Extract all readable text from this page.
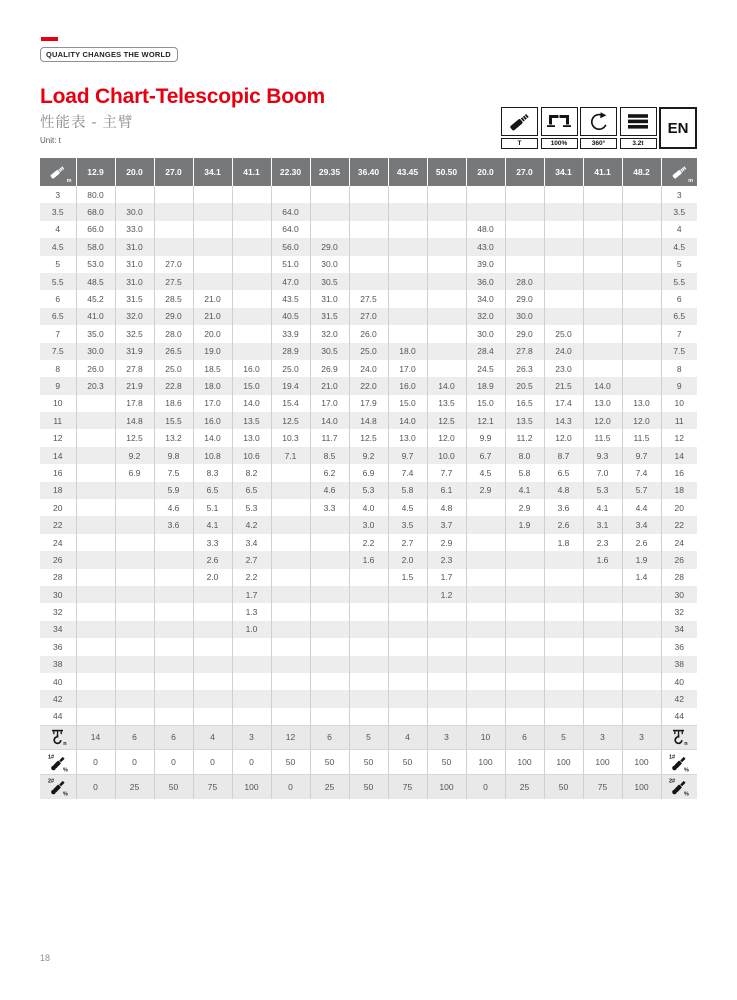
QUALITY CHANGES THE WORLD
Load Chart-Telescopic Boom
性能表 - 主臂
Unit: t	T	100%	360°	3.2t
EN
m	12.9	20.0	27.0	34.1	41.1	22.30	29.35	36.40	43.45	50.50	20.0	27.0	34.1	41.1	48.2	m

3	80.0															3
3.5	68.0	30.0				64.0										3.5
4	66.0	33.0				64.0					48.0					4
4.5	58.0	31.0				56.0	29.0				43.0					4.5
5	53.0	31.0	27.0			51.0	30.0				39.0					5
5.5	48.5	31.0	27.5			47.0	30.5				36.0	28.0				5.5
6	45.2	31.5	28.5	21.0		43.5	31.0	27.5			34.0	29.0				6
6.5	41.0	32.0	29.0	21.0		40.5	31.5	27.0			32.0	30.0				6.5
7	35.0	32.5	28.0	20.0		33.9	32.0	26.0			30.0	29.0	25.0			7
7.5	30.0	31.9	26.5	19.0		28.9	30.5	25.0	18.0		28.4	27.8	24.0			7.5
8	26.0	27.8	25.0	18.5	16.0	25.0	26.9	24.0	17.0		24.5	26.3	23.0			8
9	20.3	21.9	22.8	18.0	15.0	19.4	21.0	22.0	16.0	14.0	18.9	20.5	21.5	14.0		9
10		17.8	18.6	17.0	14.0	15.4	17.0	17.9	15.0	13.5	15.0	16.5	17.4	13.0	13.0	10
11		14.8	15.5	16.0	13.5	12.5	14.0	14.8	14.0	12.5	12.1	13.5	14.3	12.0	12.0	11
12		12.5	13.2	14.0	13.0	10.3	11.7	12.5	13.0	12.0	9.9	11.2	12.0	11.5	11.5	12
14		9.2	9.8	10.8	10.6	7.1	8.5	9.2	9.7	10.0	6.7	8.0	8.7	9.3	9.7	14
16		6.9	7.5	8.3	8.2		6.2	6.9	7.4	7.7	4.5	5.8	6.5	7.0	7.4	16
18			5.9	6.5	6.5		4.6	5.3	5.8	6.1	2.9	4.1	4.8	5.3	5.7	18
20			4.6	5.1	5.3		3.3	4.0	4.5	4.8		2.9	3.6	4.1	4.4	20
22			3.6	4.1	4.2			3.0	3.5	3.7		1.9	2.6	3.1	3.4	22
24				3.3	3.4			2.2	2.7	2.9			1.8	2.3	2.6	24
26				2.6	2.7			1.6	2.0	2.3				1.6	1.9	26
28				2.0	2.2				1.5	1.7					1.4	28
30					1.7					1.2						30
32					1.3											32
34					1.0											34
36																36
38																38
40																40
42																42
44																44

n	14	6	6	4	3	12	6	5	4	3	10	6	5	3	3	n

1#
%	0	0	0	0	0	50	50	50	50	50	100	100	100	100	100	1#
%

2#
%	0	25	50	75	100	0	25	50	75	100	0	25	50	75	100	2#
%
18
